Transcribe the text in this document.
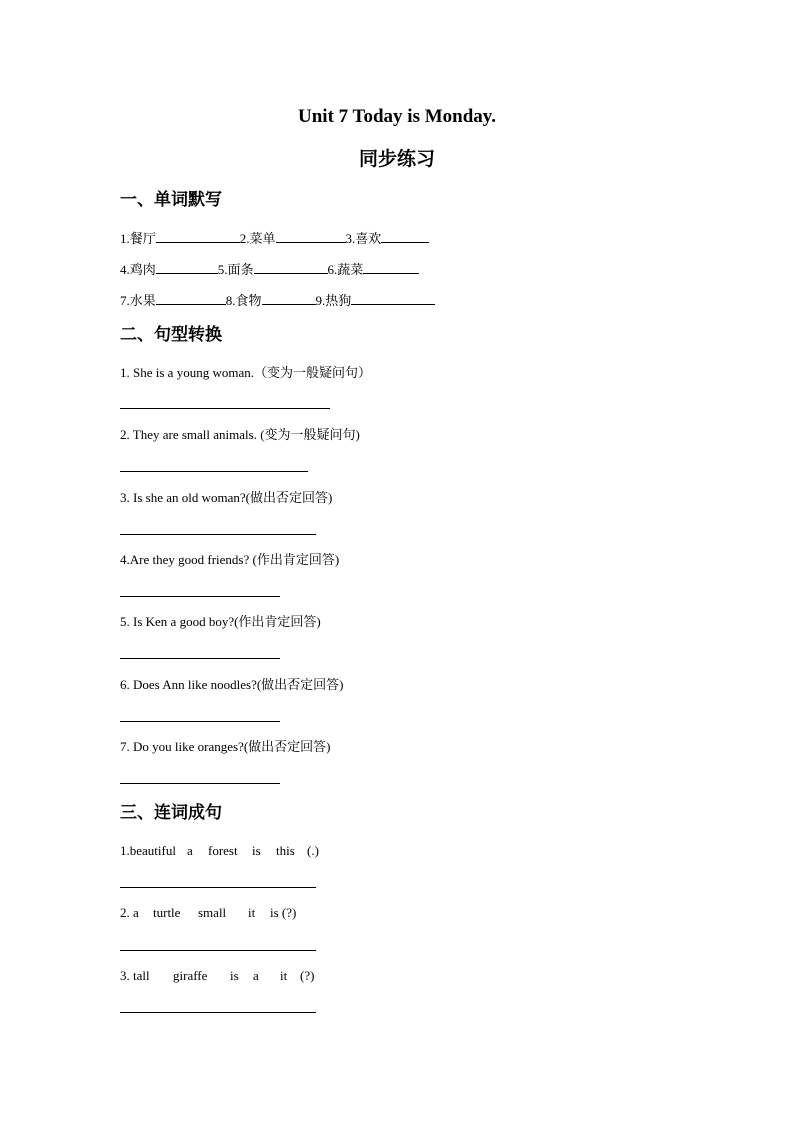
Unit 7 Today is Monday.
同步练习
一、单词默写
1.餐厅	2.菜单	3.喜欢
4.鸡肉	5.面条	6.蔬菜
7.水果	8.食物	9.热狗
二、句型转换
1. She is a young woman.（变为一般疑问句）
2. They are small animals. (变为一般疑问句)
3. Is she an old woman?(做出否定回答)
4.Are they good friends? (作出肯定回答)
5. Is Ken a good boy?(作出肯定回答)
6. Does Ann like noodles?(做出否定回答)
7. Do you like oranges?(做出否定回答)
三、连词成句
1.beautiful a forest is this (.)
2. a turtle small it is (?)
3. tall giraffe is a it (?)
